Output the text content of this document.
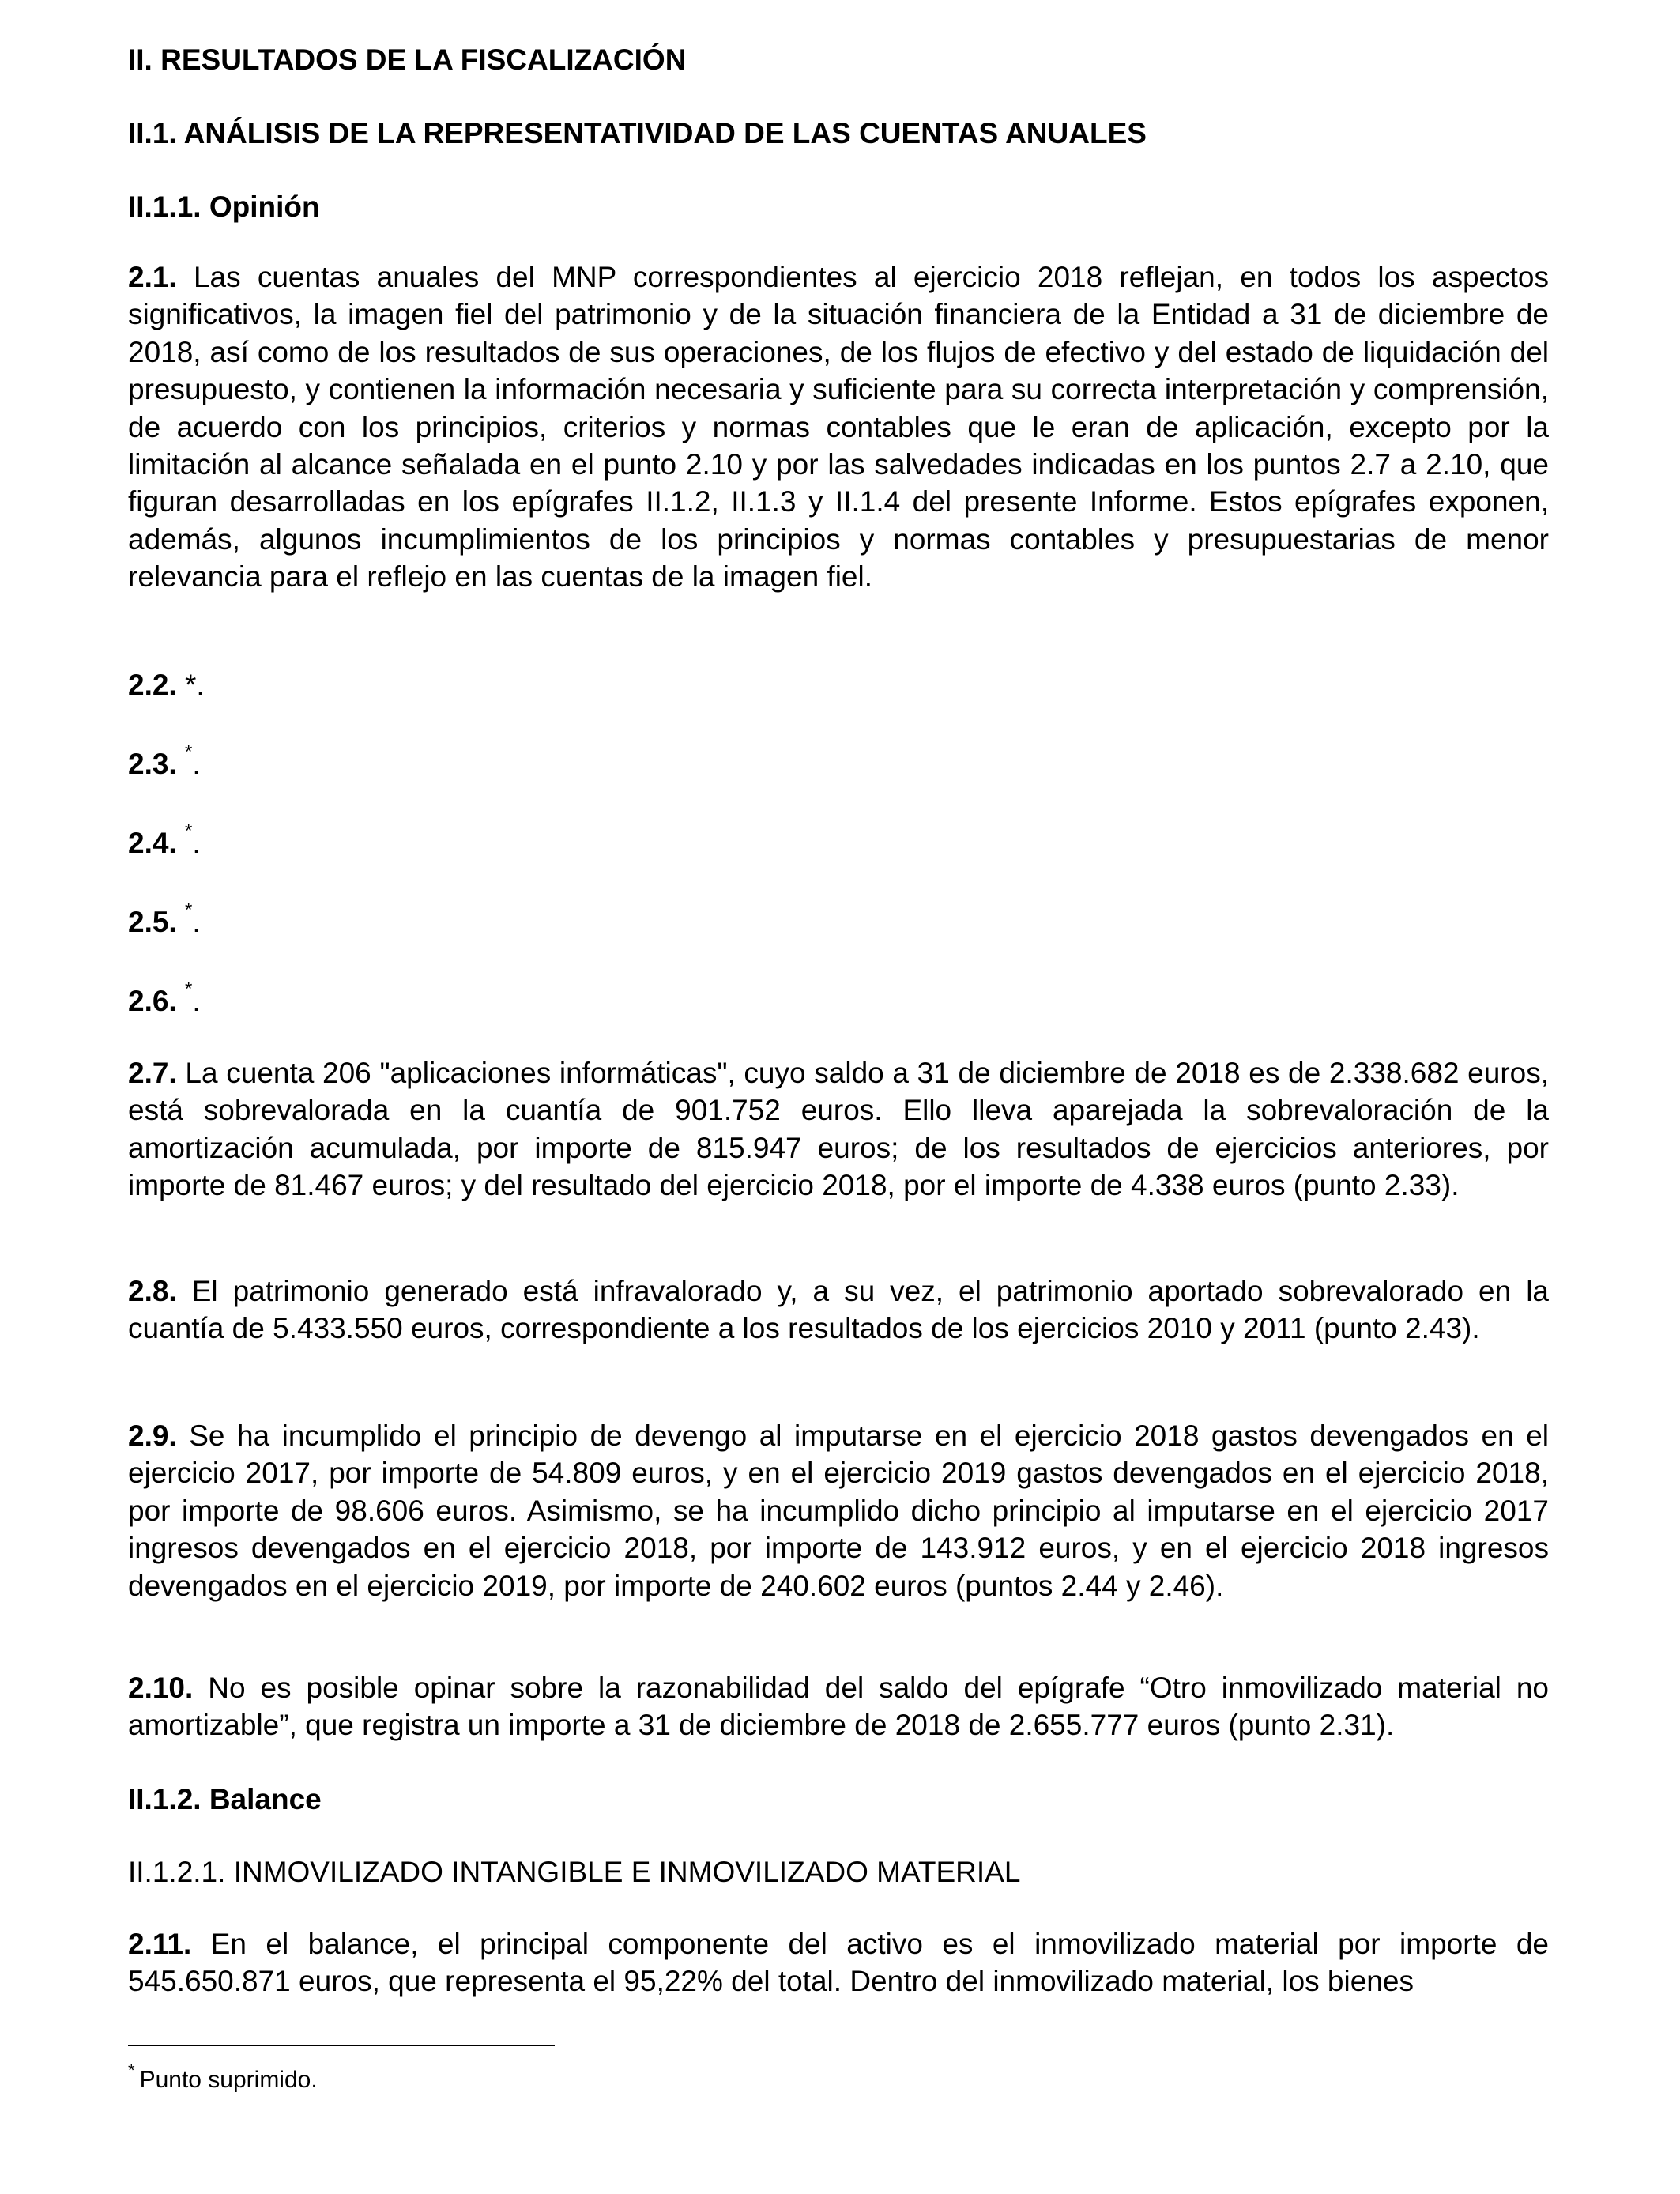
II. RESULTADOS DE LA FISCALIZACIÓN
II.1. ANÁLISIS DE LA REPRESENTATIVIDAD DE LAS CUENTAS ANUALES
II.1.1. Opinión

2.1. Las cuentas anuales del MNP correspondientes al ejercicio 2018 reflejan, en todos los aspectos significativos, la imagen fiel del patrimonio y de la situación financiera de la Entidad a 31 de diciembre de 2018, así como de los resultados de sus operaciones, de los flujos de efectivo y del estado de liquidación del presupuesto, y contienen la información necesaria y suficiente para su correcta interpretación y comprensión, de acuerdo con los principios, criterios y normas contables que le eran de aplicación, excepto por la limitación al alcance señalada en el punto 2.10 y por las salvedades indicadas en los puntos 2.7 a 2.10, que figuran desarrolladas en los epígrafes II.1.2, II.1.3 y II.1.4 del presente Informe. Estos epígrafes exponen, además, algunos incumplimientos de los principios y normas contables y presupuestarias de menor relevancia para el reflejo en las cuentas de la imagen fiel.

2.2. *.
2.3. *.
2.4. *.
2.5. *.
2.6. *.

2.7. La cuenta 206 "aplicaciones informáticas", cuyo saldo a 31 de diciembre de 2018 es de 2.338.682 euros, está sobrevalorada en la cuantía de 901.752 euros. Ello lleva aparejada la sobrevaloración de la amortización acumulada, por importe de 815.947 euros; de los resultados de ejercicios anteriores, por importe de 81.467 euros; y del resultado del ejercicio 2018, por el importe de 4.338 euros (punto 2.33).

2.8. El patrimonio generado está infravalorado y, a su vez, el patrimonio aportado sobrevalorado en la cuantía de 5.433.550 euros, correspondiente a los resultados de los ejercicios 2010 y 2011 (punto 2.43).

2.9. Se ha incumplido el principio de devengo al imputarse en el ejercicio 2018 gastos devengados en el ejercicio 2017, por importe de 54.809 euros, y en el ejercicio 2019 gastos devengados en el ejercicio 2018, por importe de 98.606 euros. Asimismo, se ha incumplido dicho principio al imputarse en el ejercicio 2017 ingresos devengados en el ejercicio 2018, por importe de 143.912 euros, y en el ejercicio 2018 ingresos devengados en el ejercicio 2019, por importe de 240.602 euros (puntos 2.44 y 2.46).

2.10. No es posible opinar sobre la razonabilidad del saldo del epígrafe “Otro inmovilizado material no amortizable”, que registra un importe a 31 de diciembre de 2018 de 2.655.777 euros (punto 2.31).

II.1.2. Balance
II.1.2.1. INMOVILIZADO INTANGIBLE E INMOVILIZADO MATERIAL

2.11. En el balance, el principal componente del activo es el inmovilizado material por importe de 545.650.871 euros, que representa el 95,22% del total. Dentro del inmovilizado material, los bienes

* Punto suprimido.
